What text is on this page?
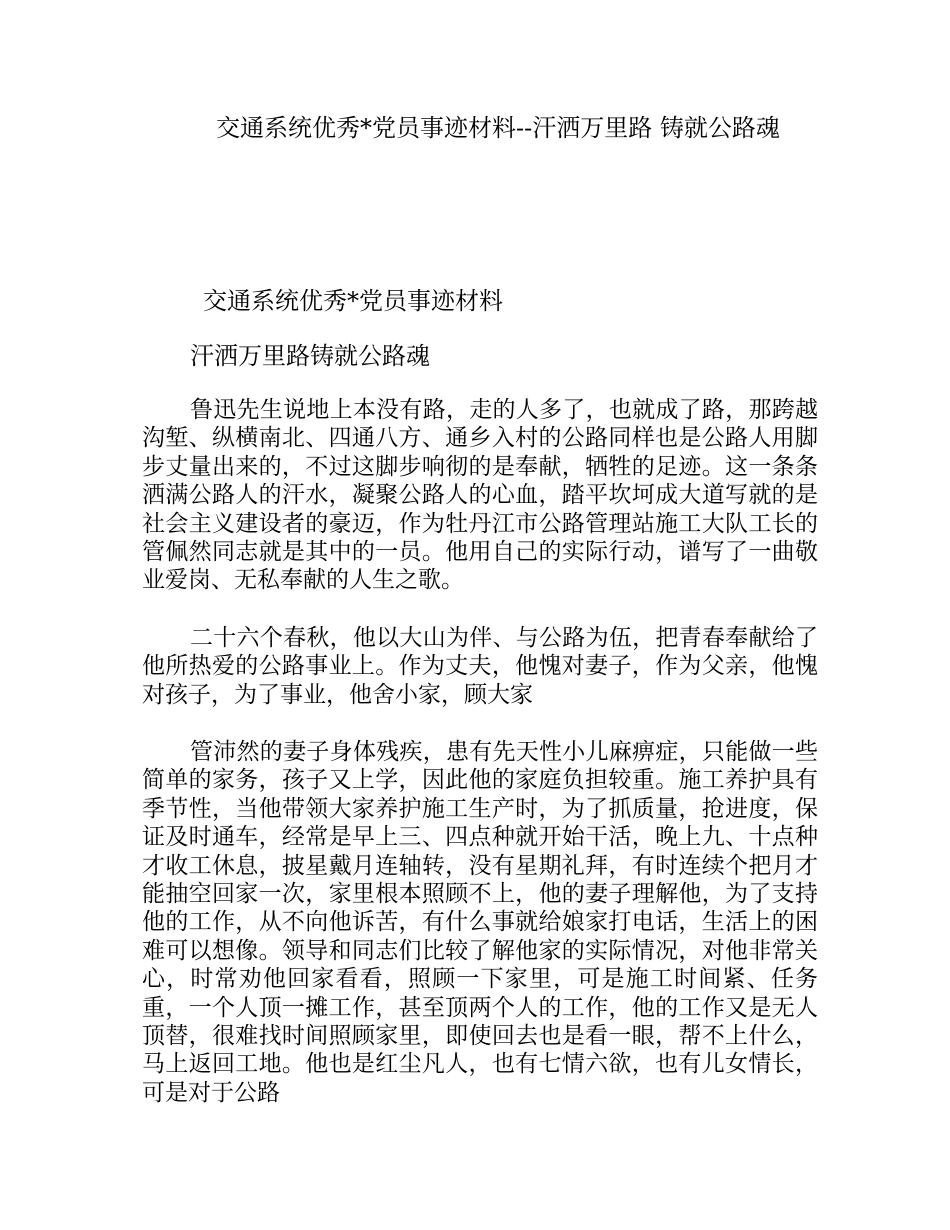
交通系统优秀*党员事迹材料--汗洒万里路 铸就公路魂
交通系统优秀*党员事迹材料
汗洒万里路铸就公路魂

鲁迅先生说地上本没有路，走的人多了，也就成了路，那跨越沟堑、纵横南北、四通八方、通乡入村的公路同样也是公路人用脚步丈量出来的，不过这脚步响彻的是奉献，牺牲的足迹。这一条条洒满公路人的汗水，凝聚公路人的心血，踏平坎坷成大道写就的是社会主义建设者的豪迈，作为牡丹江市公路管理站施工大队工长的管佩然同志就是其中的一员。他用自己的实际行动，谱写了一曲敬业爱岗、无私奉献的人生之歌。

二十六个春秋，他以大山为伴、与公路为伍，把青春奉献给了他所热爱的公路事业上。作为丈夫，他愧对妻子，作为父亲，他愧对孩子，为了事业，他舍小家，顾大家

管沛然的妻子身体残疾，患有先天性小儿麻痹症，只能做一些简单的家务，孩子又上学，因此他的家庭负担较重。施工养护具有季节性，当他带领大家养护施工生产时，为了抓质量，抢进度，保证及时通车，经常是早上三、四点种就开始干活，晚上九、十点种才收工休息，披星戴月连轴转，没有星期礼拜，有时连续个把月才能抽空回家一次，家里根本照顾不上，他的妻子理解他，为了支持他的工作，从不向他诉苦，有什么事就给娘家打电话，生活上的困难可以想像。领导和同志们比较了解他家的实际情况，对他非常关心，时常劝他回家看看，照顾一下家里，可是施工时间紧、任务重，一个人顶一摊工作，甚至顶两个人的工作，他的工作又是无人顶替，很难找时间照顾家里，即使回去也是看一眼，帮不上什么，马上返回工地。他也是红尘凡人，也有七情六欲，也有儿女情长，可是对于公路
